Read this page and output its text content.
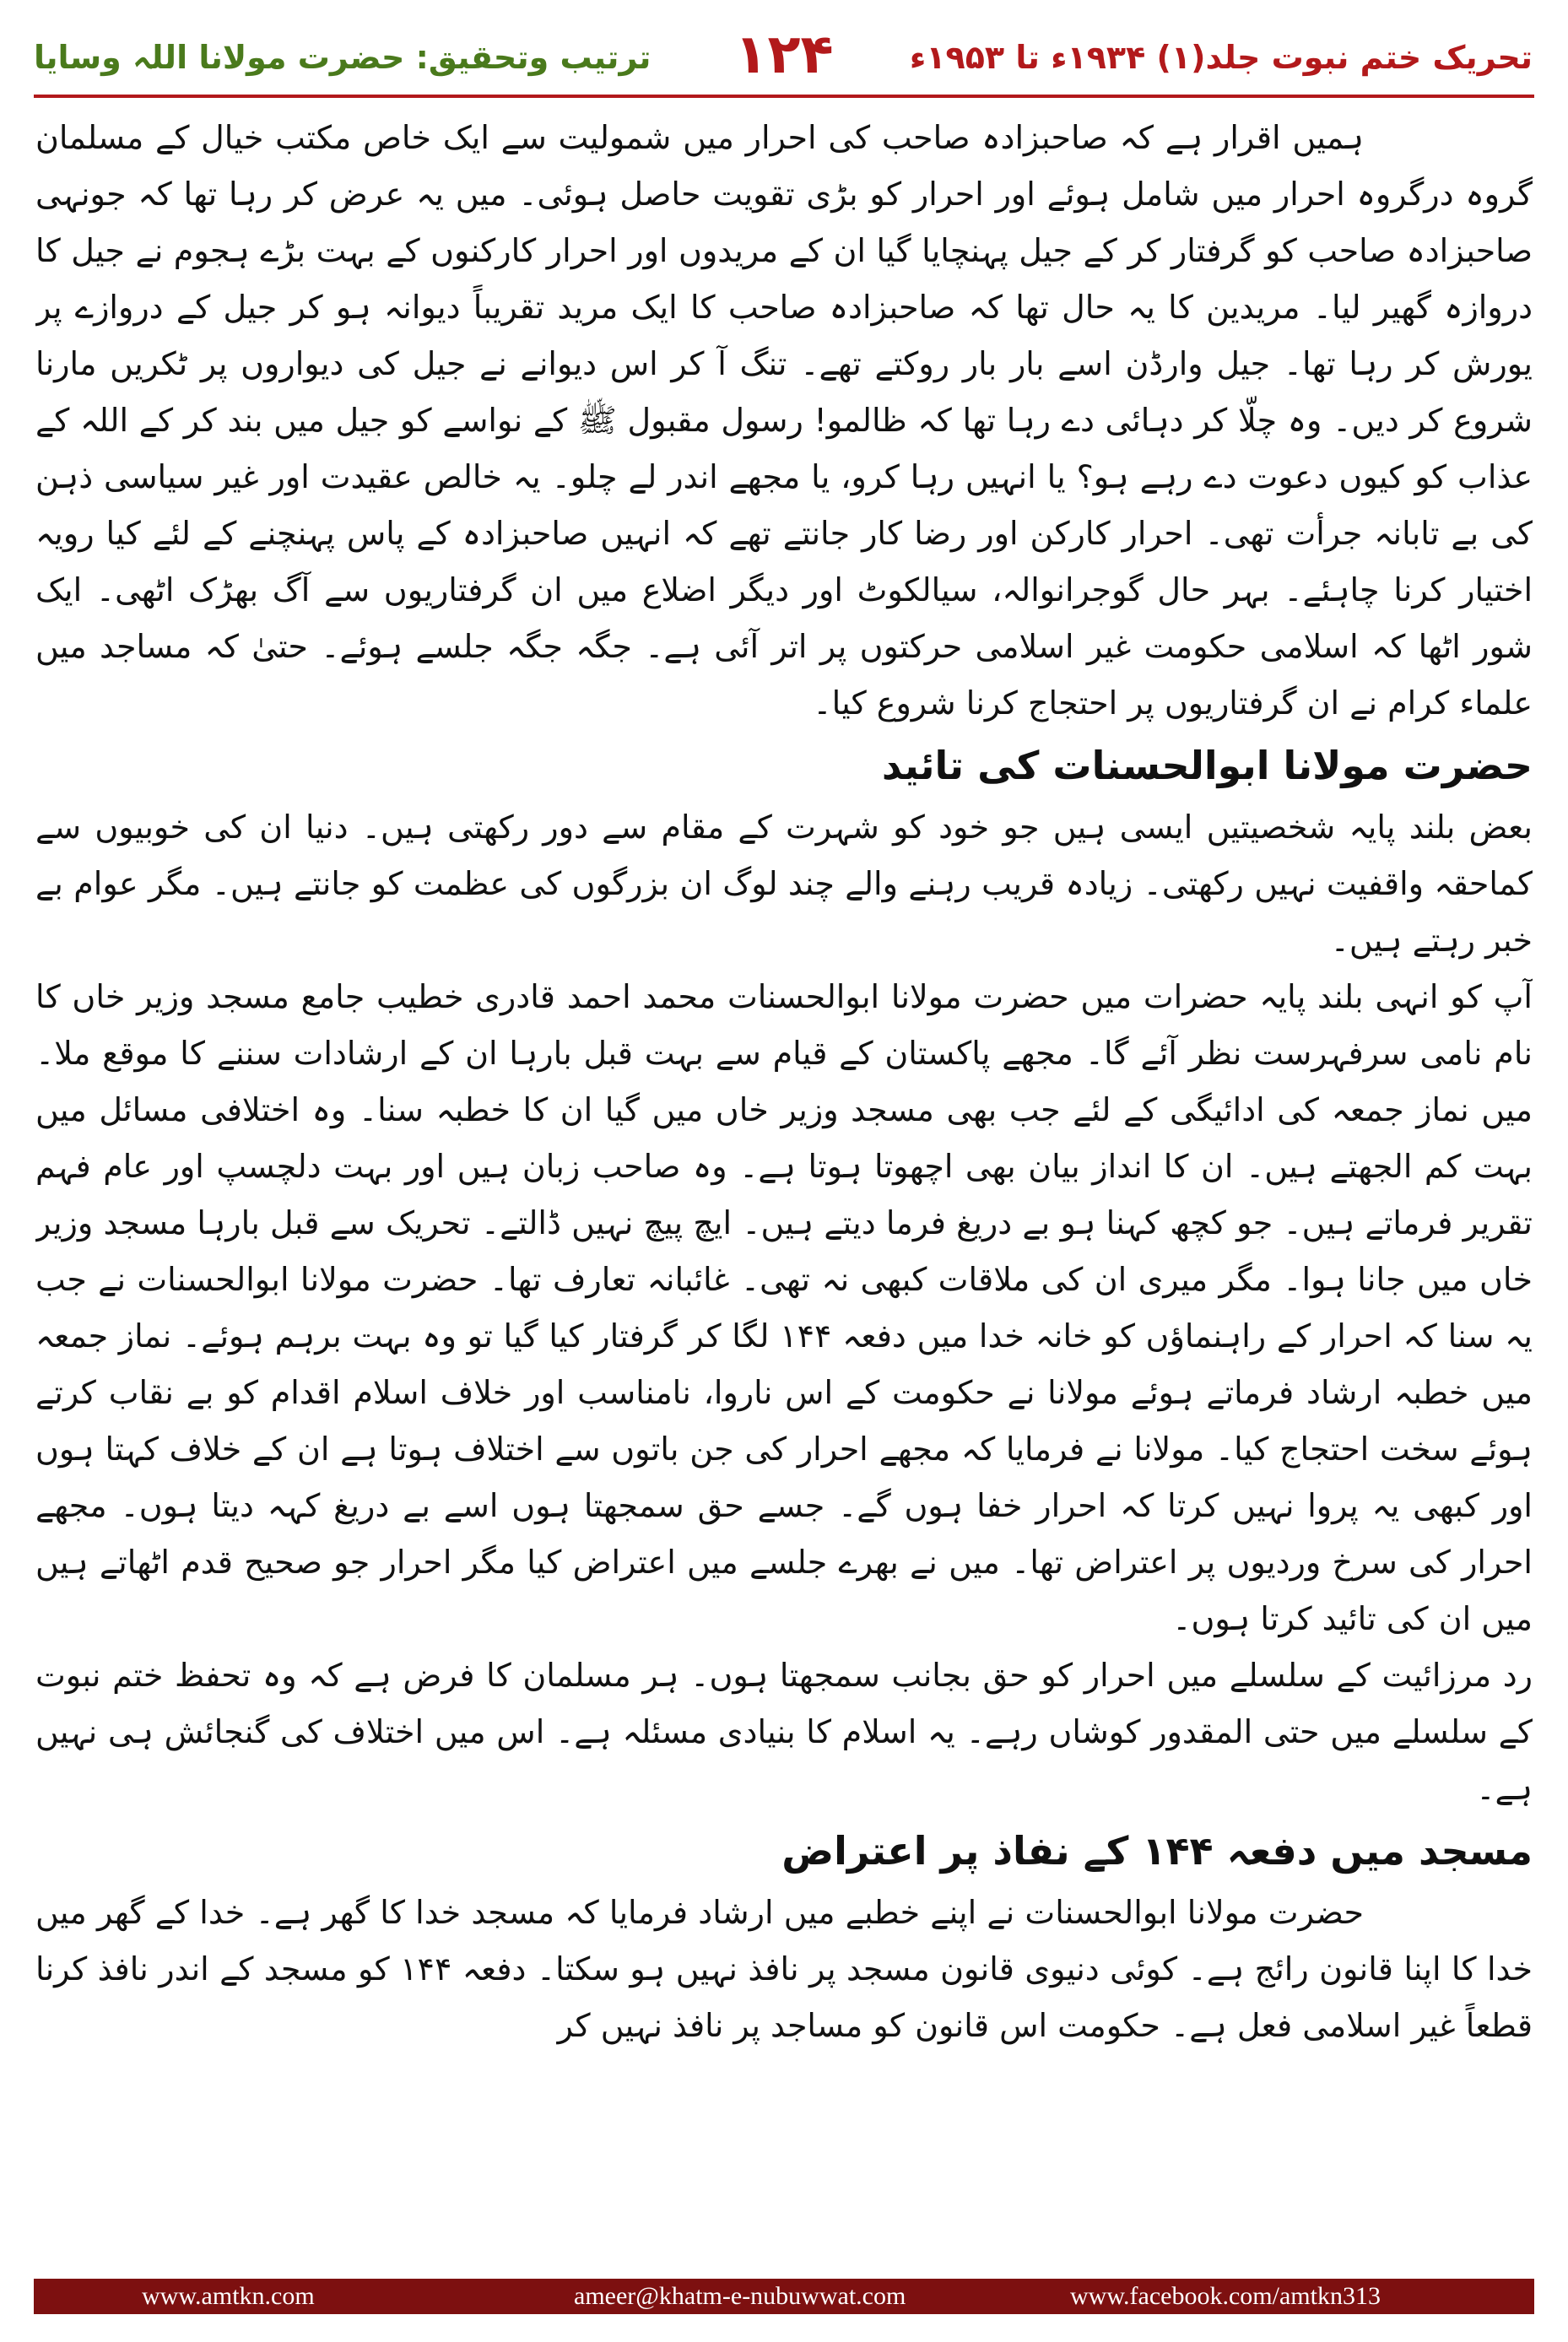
ترتیب وتحقیق: حضرت مولانا اللہ وسایا	۱۲۴	تحریک ختم نبوت جلد(۱) ۱۹۳۴ء تا ۱۹۵۳ء

ہمیں اقرار ہے کہ صاحبزادہ صاحب کی احرار میں شمولیت سے ایک خاص مکتب خیال کے مسلمان گروہ درگروہ احرار میں شامل ہوئے اور احرار کو بڑی تقویت حاصل ہوئی۔ میں یہ عرض کر رہا تھا کہ جونہی صاحبزادہ صاحب کو گرفتار کر کے جیل پہنچایا گیا ان کے مریدوں اور احرار کارکنوں کے بہت بڑے ہجوم نے جیل کا دروازہ گھیر لیا۔ مریدین کا یہ حال تھا کہ صاحبزادہ صاحب کا ایک مرید تقریباً دیوانہ ہو کر جیل کے دروازے پر یورش کر رہا تھا۔ جیل وارڈن اسے بار بار روکتے تھے۔ تنگ آ کر اس دیوانے نے جیل کی دیواروں پر ٹکریں مارنا شروع کر دیں۔ وہ چلّا کر دہائی دے رہا تھا کہ ظالمو! رسول مقبول ﷺ کے نواسے کو جیل میں بند کر کے اللہ کے عذاب کو کیوں دعوت دے رہے ہو؟ یا انہیں رہا کرو، یا مجھے اندر لے چلو۔ یہ خالص عقیدت اور غیر سیاسی ذہن کی بے تابانہ جرأت تھی۔ احرار کارکن اور رضا کار جانتے تھے کہ انہیں صاحبزادہ کے پاس پہنچنے کے لئے کیا رویہ اختیار کرنا چاہئے۔ بہر حال گوجرانوالہ، سیالکوٹ اور دیگر اضلاع میں ان گرفتاریوں سے آگ بھڑک اٹھی۔ ایک شور اٹھا کہ اسلامی حکومت غیر اسلامی حرکتوں پر اتر آئی ہے۔ جگہ جگہ جلسے ہوئے۔ حتیٰ کہ مساجد میں علماء کرام نے ان گرفتاریوں پر احتجاج کرنا شروع کیا۔

حضرت مولانا ابوالحسنات کی تائید

بعض بلند پایہ شخصیتیں ایسی ہیں جو خود کو شہرت کے مقام سے دور رکھتی ہیں۔ دنیا ان کی خوبیوں سے کماحقہ واقفیت نہیں رکھتی۔ زیادہ قریب رہنے والے چند لوگ ان بزرگوں کی عظمت کو جانتے ہیں۔ مگر عوام بے خبر رہتے ہیں۔

آپ کو انہی بلند پایہ حضرات میں حضرت مولانا ابوالحسنات محمد احمد قادری خطیب جامع مسجد وزیر خاں کا نام نامی سرفہرست نظر آئے گا۔ مجھے پاکستان کے قیام سے بہت قبل بارہا ان کے ارشادات سننے کا موقع ملا۔ میں نماز جمعہ کی ادائیگی کے لئے جب بھی مسجد وزیر خاں میں گیا ان کا خطبہ سنا۔ وہ اختلافی مسائل میں بہت کم الجھتے ہیں۔ ان کا انداز بیان بھی اچھوتا ہوتا ہے۔ وہ صاحب زبان ہیں اور بہت دلچسپ اور عام فہم تقریر فرماتے ہیں۔ جو کچھ کہنا ہو بے دریغ فرما دیتے ہیں۔ ایچ پیچ نہیں ڈالتے۔ تحریک سے قبل بارہا مسجد وزیر خاں میں جانا ہوا۔ مگر میری ان کی ملاقات کبھی نہ تھی۔ غائبانہ تعارف تھا۔ حضرت مولانا ابوالحسنات نے جب یہ سنا کہ احرار کے راہنماؤں کو خانہ خدا میں دفعہ ۱۴۴ لگا کر گرفتار کیا گیا تو وہ بہت برہم ہوئے۔ نماز جمعہ میں خطبہ ارشاد فرماتے ہوئے مولانا نے حکومت کے اس ناروا، نامناسب اور خلاف اسلام اقدام کو بے نقاب کرتے ہوئے سخت احتجاج کیا۔ مولانا نے فرمایا کہ مجھے احرار کی جن باتوں سے اختلاف ہوتا ہے ان کے خلاف کہتا ہوں اور کبھی یہ پروا نہیں کرتا کہ احرار خفا ہوں گے۔ جسے حق سمجھتا ہوں اسے بے دریغ کہہ دیتا ہوں۔ مجھے احرار کی سرخ وردیوں پر اعتراض تھا۔ میں نے بھرے جلسے میں اعتراض کیا مگر احرار جو صحیح قدم اٹھاتے ہیں میں ان کی تائید کرتا ہوں۔

رد مرزائیت کے سلسلے میں احرار کو حق بجانب سمجھتا ہوں۔ ہر مسلمان کا فرض ہے کہ وہ تحفظ ختم نبوت کے سلسلے میں حتی المقدور کوشاں رہے۔ یہ اسلام کا بنیادی مسئلہ ہے۔ اس میں اختلاف کی گنجائش ہی نہیں ہے۔

مسجد میں دفعہ ۱۴۴ کے نفاذ پر اعتراض

حضرت مولانا ابوالحسنات نے اپنے خطبے میں ارشاد فرمایا کہ مسجد خدا کا گھر ہے۔ خدا کے گھر میں خدا کا اپنا قانون رائج ہے۔ کوئی دنیوی قانون مسجد پر نافذ نہیں ہو سکتا۔ دفعہ ۱۴۴ کو مسجد کے اندر نافذ کرنا قطعاً غیر اسلامی فعل ہے۔ حکومت اس قانون کو مساجد پر نافذ نہیں کر

www.amtkn.com	ameer@khatm-e-nubuwwat.com	www.facebook.com/amtkn313
